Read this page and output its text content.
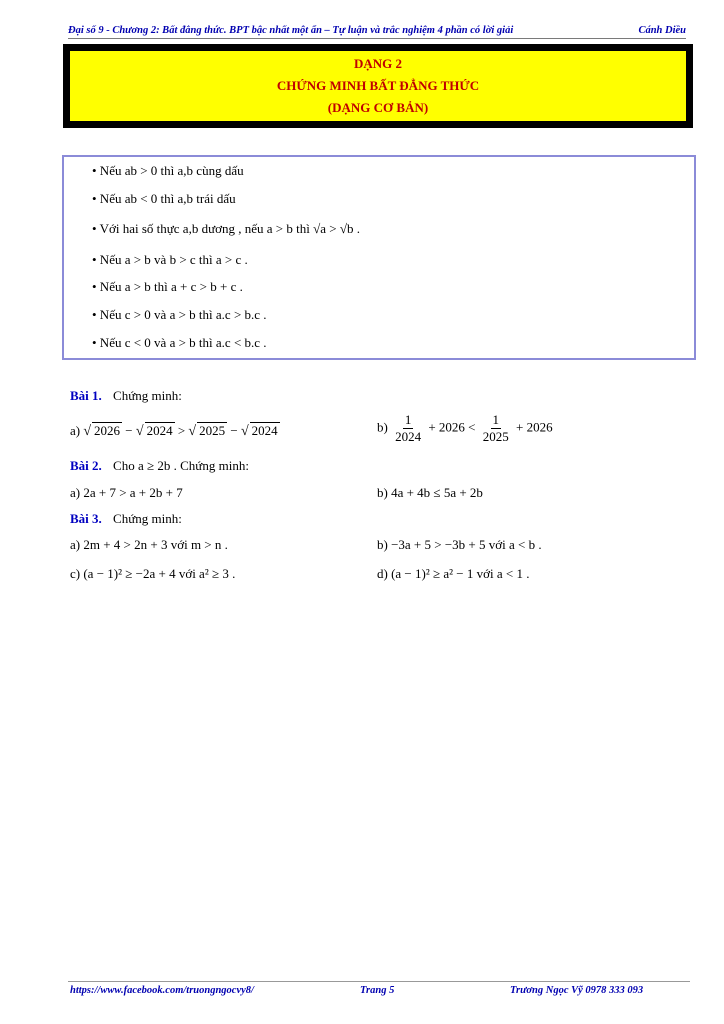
Đại số 9 - Chương 2: Bất đẳng thức. BPT bậc nhất một ẩn – Tự luận và trắc nghiệm 4 phần có lời giải	Cánh Diều
DẠNG 2
CHỨNG MINH BẤT ĐẲNG THỨC
(DẠNG CƠ BẢN)
• Nếu ab > 0 thì a,b cùng dấu
• Nếu ab < 0 thì a,b trái dấu
• Với hai số thực a,b dương , nếu a > b thì √a > √b .
• Nếu a > b và b > c thì a > c .
• Nếu a > b thì a + c > b + c .
• Nếu c > 0 và a > b thì a.c > b.c .
• Nếu c < 0 và a > b thì a.c < b.c .
Bài 1. Chứng minh:
a) √ 2026 − √ 2024 > √ 2025 − √ 2024	$b) \frac{1}{2024} + 2026 < \frac{1}{2025} + 2026$
Bài 2. Cho a ≥ 2b . Chứng minh:
a) 2a + 7 > a + 2b + 7	b) 4a + 4b ≤ 5a + 2b
Bài 3. Chứng minh:
a) 2m + 4 > 2n + 3 với m > n .	b) −3a + 5 > −3b + 5 với a < b .
c) (a − 1)² ≥ −2a + 4 với a² ≥ 3 .	d) (a − 1)² ≥ a² − 1 với a < 1 .
https://www.facebook.com/truongngocvy8/	Trang 5	Trương Ngọc Vỹ 0978 333 093
